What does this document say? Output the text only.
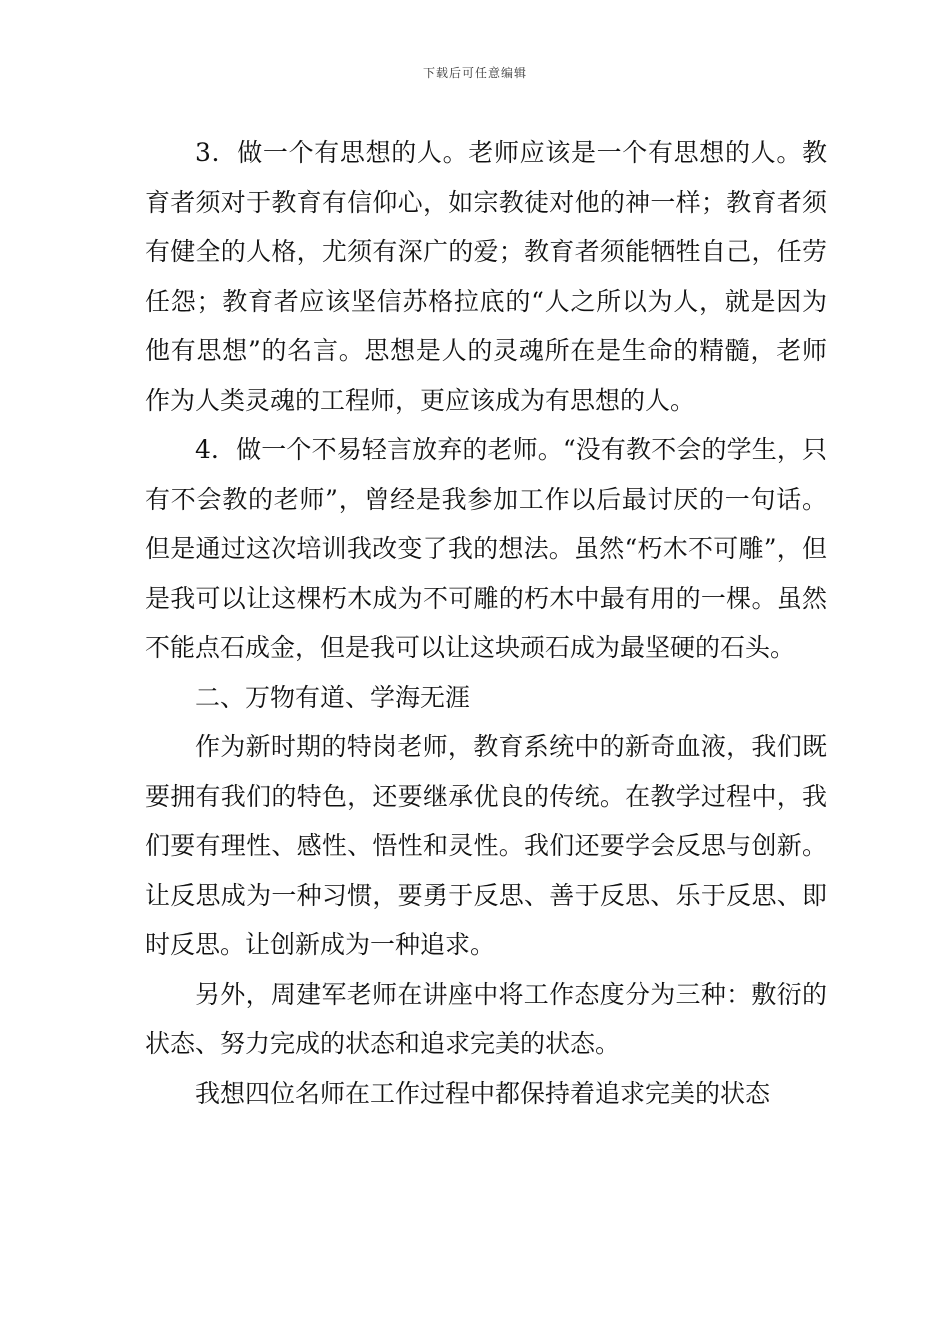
下载后可任意编辑

3．做一个有思想的人。老师应该是一个有思想的人。教育者须对于教育有信仰心，如宗教徒对他的神一样；教育者须有健全的人格，尤须有深广的爱；教育者须能牺牲自己，任劳任怨；教育者应该坚信苏格拉底的“人之所以为人，就是因为他有思想”的名言。思想是人的灵魂所在是生命的精髓，老师作为人类灵魂的工程师，更应该成为有思想的人。

4．做一个不易轻言放弃的老师。“没有教不会的学生，只有不会教的老师”，曾经是我参加工作以后最讨厌的一句话。但是通过这次培训我改变了我的想法。虽然“朽木不可雕”，但是我可以让这棵朽木成为不可雕的朽木中最有用的一棵。虽然不能点石成金，但是我可以让这块顽石成为最坚硬的石头。

二、万物有道、学海无涯

作为新时期的特岗老师，教育系统中的新奇血液，我们既要拥有我们的特色，还要继承优良的传统。在教学过程中，我们要有理性、感性、悟性和灵性。我们还要学会反思与创新。让反思成为一种习惯，要勇于反思、善于反思、乐于反思、即时反思。让创新成为一种追求。

另外，周建军老师在讲座中将工作态度分为三种：敷衍的状态、努力完成的状态和追求完美的状态。

我想四位名师在工作过程中都保持着追求完美的状态
